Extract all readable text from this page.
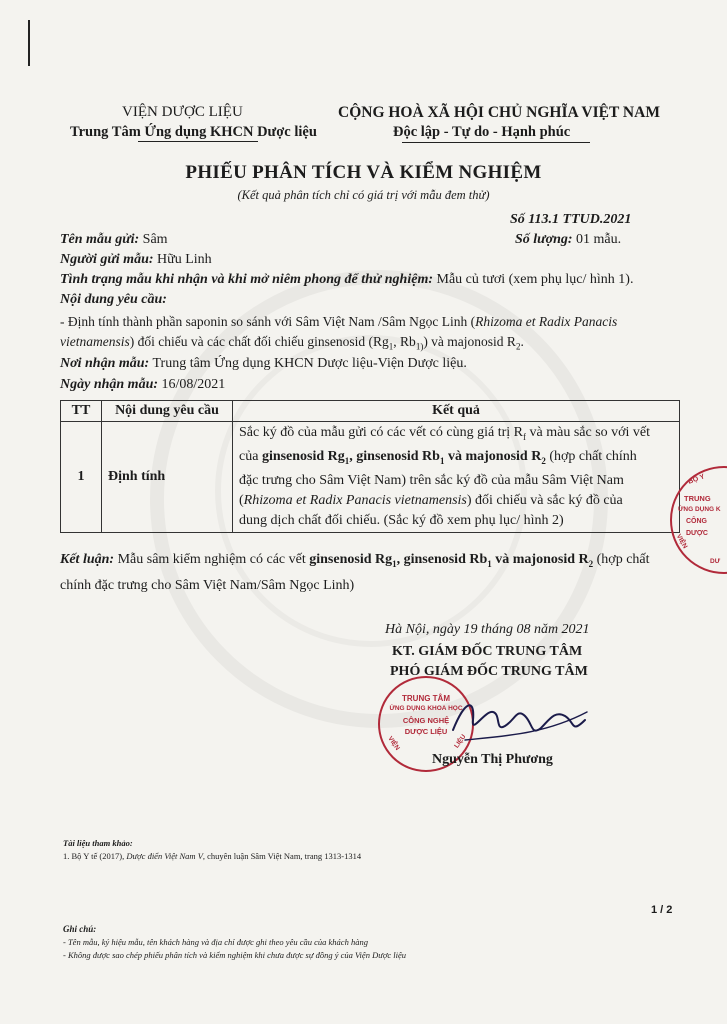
VIỆN DƯỢC LIỆU
Trung Tâm Ứng dụng KHCN Dược liệu
CỘNG HOÀ XÃ HỘI CHỦ NGHĨA VIỆT NAM
Độc lập - Tự do - Hạnh phúc
PHIẾU PHÂN TÍCH VÀ KIỂM NGHIỆM
(Kết quả phân tích chỉ có giá trị với mẫu đem thử)
Số 113.1 TTUD.2021
Tên mẫu gửi: Sâm	Số lượng: 01 mẫu.
Người gửi mẫu: Hữu Linh
Tình trạng mẫu khi nhận và khi mở niêm phong để thử nghiệm: Mẫu củ tươi (xem phụ lục/ hình 1).
Nội dung yêu cầu:
- Định tính thành phần saponin so sánh với Sâm Việt Nam /Sâm Ngọc Linh (Rhizoma et Radix Panacis
vietnamensis) đối chiếu và các chất đối chiếu ginsenosid ($Rg_1$, $Rb_{1)}$) và majonosid $R_2$.
Nơi nhận mẫu: Trung tâm Ứng dụng KHCN Dược liệu-Viện Dược liệu.
Ngày nhận mẫu: 16/08/2021
TT	Nội dung yêu cầu	Kết quả
1	Định tính	Sắc ký đồ của mẫu gửi có các vết có cùng giá trị $R_f$ và màu sắc so với vết
của ginsenosid $Rg_1$, ginsenosid $Rb_1$ và majonosid $R_2$ (hợp chất chính
đặc trưng cho Sâm Việt Nam) trên sắc ký đồ của mẫu Sâm Việt Nam
(Rhizoma et Radix Panacis vietnamensis) đối chiếu và sắc ký đồ của
dung dịch chất đối chiếu. (Sắc ký đồ xem phụ lục/ hình 2)
Kết luận: Mẫu sâm kiểm nghiệm có các vết ginsenosid $Rg_1$, ginsenosid $Rb_1$ và majonosid $R_2$ (hợp chất chính đặc trưng cho Sâm Việt Nam/Sâm Ngọc Linh)
Hà Nội, ngày 19 tháng 08 năm 2021
KT. GIÁM ĐỐC TRUNG TÂM
PHÓ GIÁM ĐỐC TRUNG TÂM
TRUNG TÂM
ỨNG DỤNG KHOA HỌC
CÔNG NGHỆ
DƯỢC LIỆU
VIỆN	LIỆU
Nguyễn Thị Phương
BỘ Y
TRUNG
ỨNG DỤNG K
CÔNG
DƯỢC
VIỆN
DƯ
Tài liệu tham khảo:
1. Bộ Y tế (2017), Dược điển Việt Nam V, chuyên luận Sâm Việt Nam, trang 1313-1314
1 / 2
Ghi chú:
- Tên mẫu, ký hiệu mẫu, tên khách hàng và địa chỉ được ghi theo yêu cầu của khách hàng
- Không được sao chép phiếu phân tích và kiểm nghiệm khi chưa được sự đồng ý của Viện Dược liệu
